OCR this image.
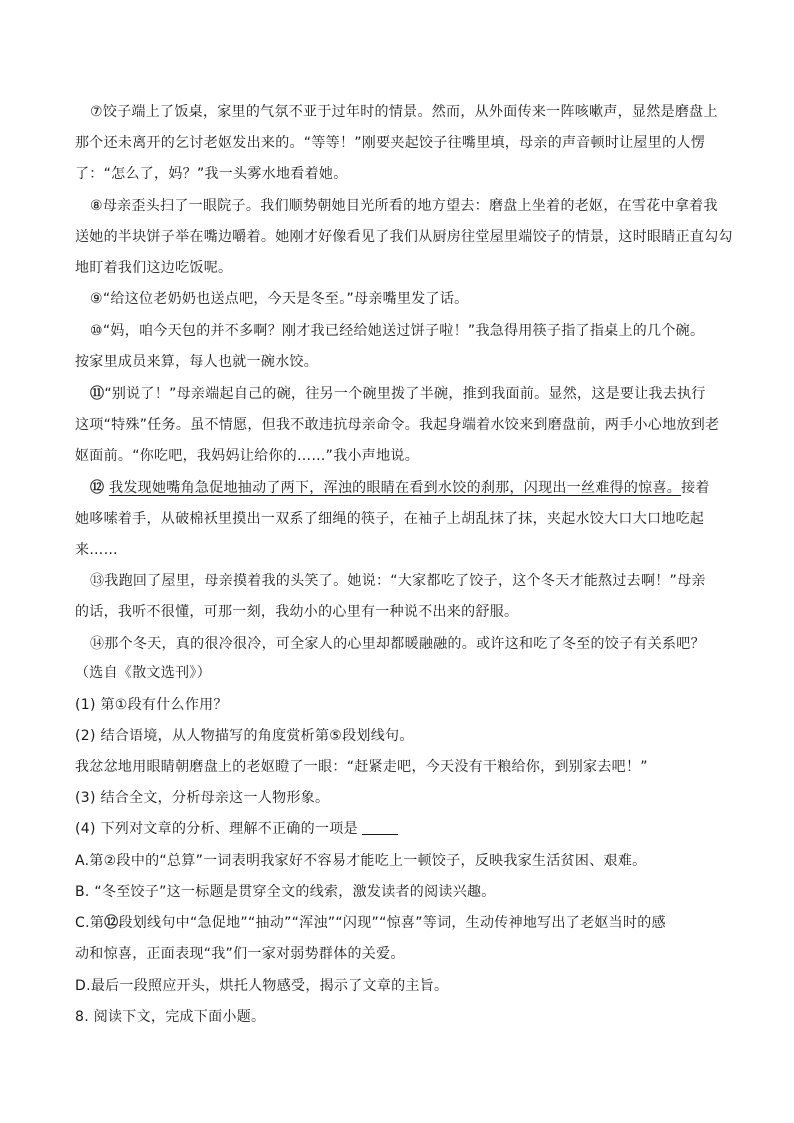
⑦饺子端上了饭桌，家里的气氛不亚于过年时的情景。然而，从外面传来一阵咳嗽声，显然是磨盘上
那个还未离开的乞讨老妪发出来的。“等等！”刚要夹起饺子往嘴里填，母亲的声音顿时让屋里的人愣
了：“怎么了，妈？”我一头雾水地看着她。
⑧母亲歪头扫了一眼院子。我们顺势朝她目光所看的地方望去：磨盘上坐着的老妪，在雪花中拿着我
送她的半块饼子举在嘴边嚼着。她刚才好像看见了我们从厨房往堂屋里端饺子的情景，这时眼睛正直勾勾
地盯着我们这边吃饭呢。
⑨“给这位老奶奶也送点吧，今天是冬至。”母亲嘴里发了话。
⑩“妈，咱今天包的并不多啊？刚才我已经给她送过饼子啦！”我急得用筷子指了指桌上的几个碗。
按家里成员来算，每人也就一碗水饺。
⑪“别说了！”母亲端起自己的碗，往另一个碗里拨了半碗，推到我面前。显然，这是要让我去执行
这项“特殊”任务。虽不情愿，但我不敢违抗母亲命令。我起身端着水饺来到磨盘前，两手小心地放到老
妪面前。“你吃吧，我妈妈让给你的……”我小声地说。
⑫ 我发现她嘴角急促地抽动了两下，浑浊的眼睛在看到水饺的刹那，闪现出一丝难得的惊喜。接着
她哆嗦着手，从破棉袄里摸出一双系了细绳的筷子，在袖子上胡乱抹了抹，夹起水饺大口大口地吃起
来……
⑬我跑回了屋里，母亲摸着我的头笑了。她说：“大家都吃了饺子，这个冬天才能熬过去啊！”母亲
的话，我听不很懂，可那一刻，我幼小的心里有一种说不出来的舒服。
⑭那个冬天，真的很冷很冷，可全家人的心里却都暖融融的。或许这和吃了冬至的饺子有关系吧？
（选自《散文选刊》）
(1) 第①段有什么作用？
(2) 结合语境，从人物描写的角度赏析第⑤段划线句。
我忿忿地用眼睛朝磨盘上的老妪瞪了一眼：“赶紧走吧，今天没有干粮给你，到别家去吧！”
(3) 结合全文，分析母亲这一人物形象。
(4) 下列对文章的分析、理解不正确的一项是
A.第②段中的“总算”一词表明我家好不容易才能吃上一顿饺子，反映我家生活贫困、艰难。
B. “冬至饺子”这一标题是贯穿全文的线索，激发读者的阅读兴趣。
C.第⑫段划线句中“急促地”“抽动”“浑浊”“闪现”“惊喜”等词，生动传神地写出了老妪当时的感
动和惊喜，正面表现“我”们一家对弱势群体的关爱。
D.最后一段照应开头，烘托人物感受，揭示了文章的主旨。
8. 阅读下文，完成下面小题。
